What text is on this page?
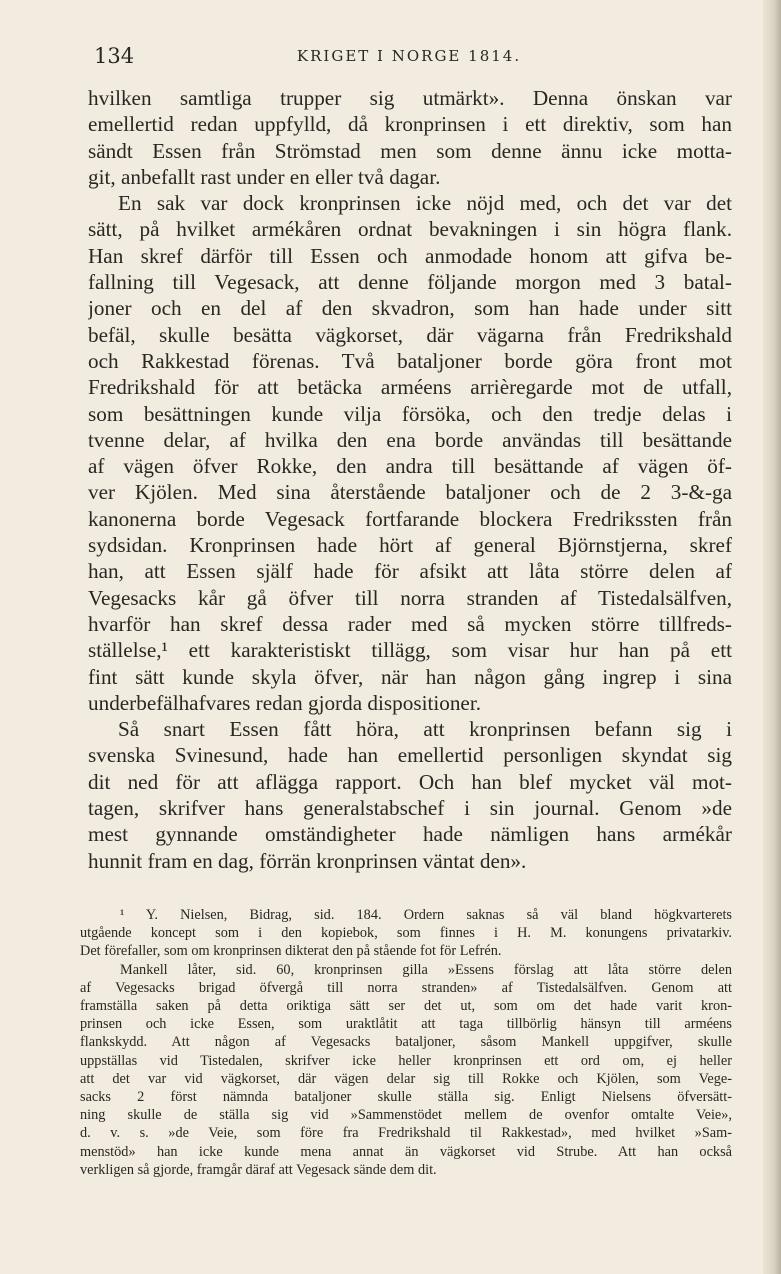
134	KRIGET I NORGE 1814.
hvilken samtliga trupper sig utmärkt». Denna önskan var
emellertid redan uppfylld, då kronprinsen i ett direktiv, som han
sändt Essen från Strömstad men som denne ännu icke motta-
git, anbefallt rast under en eller två dagar.
En sak var dock kronprinsen icke nöjd med, och det var det
sätt, på hvilket armékåren ordnat bevakningen i sin högra flank.
Han skref därför till Essen och anmodade honom att gifva be-
fallning till Vegesack, att denne följande morgon med 3 batal-
joner och en del af den skvadron, som han hade under sitt
befäl, skulle besätta vägkorset, där vägarna från Fredrikshald
och Rakkestad förenas. Två bataljoner borde göra front mot
Fredrikshald för att betäcka arméens arrièregarde mot de utfall,
som besättningen kunde vilja försöka, och den tredje delas i
tvenne delar, af hvilka den ena borde användas till besättande
af vägen öfver Rokke, den andra till besättande af vägen öf-
ver Kjölen. Med sina återstående bataljoner och de 2 3-&-ga
kanonerna borde Vegesack fortfarande blockera Fredrikssten från
sydsidan. Kronprinsen hade hört af general Björnstjerna, skref
han, att Essen själf hade för afsikt att låta större delen af
Vegesacks kår gå öfver till norra stranden af Tistedalsälfven,
hvarför han skref dessa rader med så mycken större tillfreds-
ställelse,¹ ett karakteristiskt tillägg, som visar hur han på ett
fint sätt kunde skyla öfver, när han någon gång ingrep i sina
underbefälhafvares redan gjorda dispositioner.
Så snart Essen fått höra, att kronprinsen befann sig i
svenska Svinesund, hade han emellertid personligen skyndat sig
dit ned för att aflägga rapport. Och han blef mycket väl mot-
tagen, skrifver hans generalstabschef i sin journal. Genom »de
mest gynnande omständigheter hade nämligen hans armékår
hunnit fram en dag, förrän kronprinsen väntat den».
¹ Y. Nielsen, Bidrag, sid. 184. Ordern saknas så väl bland högkvarterets
utgående koncept som i den kopiebok, som finnes i H. M. konungens privatarkiv.
Det förefaller, som om kronprinsen dikterat den på stående fot för Lefrén.
Mankell låter, sid. 60, kronprinsen gilla »Essens förslag att låta större delen
af Vegesacks brigad öfvergå till norra stranden» af Tistedalsälfven. Genom att
framställa saken på detta oriktiga sätt ser det ut, som om det hade varit kron-
prinsen och icke Essen, som uraktlåtit att taga tillbörlig hänsyn till arméens
flankskydd. Att någon af Vegesacks bataljoner, såsom Mankell uppgifver, skulle
uppställas vid Tistedalen, skrifver icke heller kronprinsen ett ord om, ej heller
att det var vid vägkorset, där vägen delar sig till Rokke och Kjölen, som Vege-
sacks 2 först nämnda bataljoner skulle ställa sig. Enligt Nielsens öfversätt-
ning skulle de ställa sig vid »Sammenstödet mellem de ovenfor omtalte Veie»,
d. v. s. »de Veie, som före fra Fredrikshald til Rakkestad», med hvilket »Sam-
menstöd» han icke kunde mena annat än vägkorset vid Strube. Att han också
verkligen så gjorde, framgår däraf att Vegesack sände dem dit.
